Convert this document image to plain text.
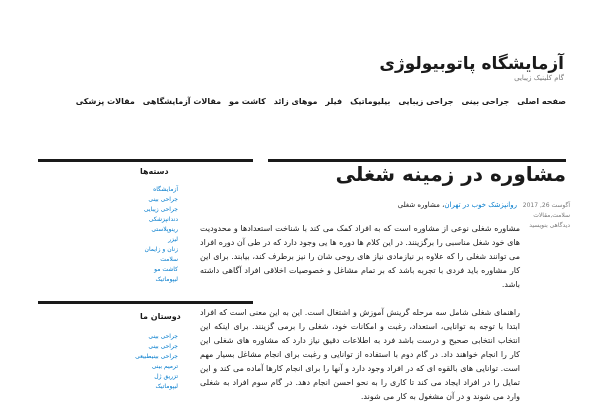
آزمایشگاه پاتوبیولوژی
گام کلینیک زیبایی
صفحه اصلی
جراحی بینی
جراحی زیبایی
بیلیوماتیک
فیلر
موهای زائد
کاشت مو
مقالات آزمایشگاهی
مقالات پزشکی
مشاوره در زمینه شغلی
آگوست 26, 2017
سلامت,مقالات
دیدگاهی بنویسید
روانپزشک خوب در تهران، مشاوره شغلی

مشاوره شغلی نوعی از مشاوره است که به افراد کمک می کند با شناخت استعدادها و محدودیت های خود شغل مناسبی را برگزینند. در این کلام ها دوره ها یی وجود دارد که در طی آن دوره افراد می توانند شغلی را که علاوه بر نیازمادی نیاز های روحی شان را نیز برطرف کند، بیابند. برای این کار مشاوره باید فردی با تجربه باشد که بر تمام مشاغل و خصوصیات اخلاقی افراد آگاهی داشته باشد.

راهنمای شغلی شامل سه مرحله گرینش آموزش و اشتغال است. این به این معنی است که افراد ابتدا با توجه به توانایی، استعداد، رغبت و امکانات خود، شغلی را برمی گزینند. برای اینکه این انتخاب انتخابی صحیح و درست باشد فرد به اطلاعات دقیق نیاز دارد که مشاوره های شغلی این کار را انجام خواهند داد. در گام دوم با استفاده از توانایی و رغبت برای انجام مشاغل بسیار مهم است. توانایی های بالقوه ای که در افراد وجود دارد و آنها را برای انجام کارها آماده می کند و این تمایل را در افراد ایجاد می کند تا کاری را به نحو احسن انجام دهد. در گام سوم افراد به شغلی وارد می شوند و در آن مشغول به کار می شوند.

دسته‌ها
آزمایشگاه
جراحی بینی
جراحی زیبایی
دندانپزشکی
رینوپلاستی
لیزر
زنان و زایمان
سلامت
کاشت مو
لیپوماتیک
دوستان ما
جراحی بینی
جراحی بینی
جراحی بینیطبیعی
ترمیم بینی
تزریق ژل
لیپوماتیک
